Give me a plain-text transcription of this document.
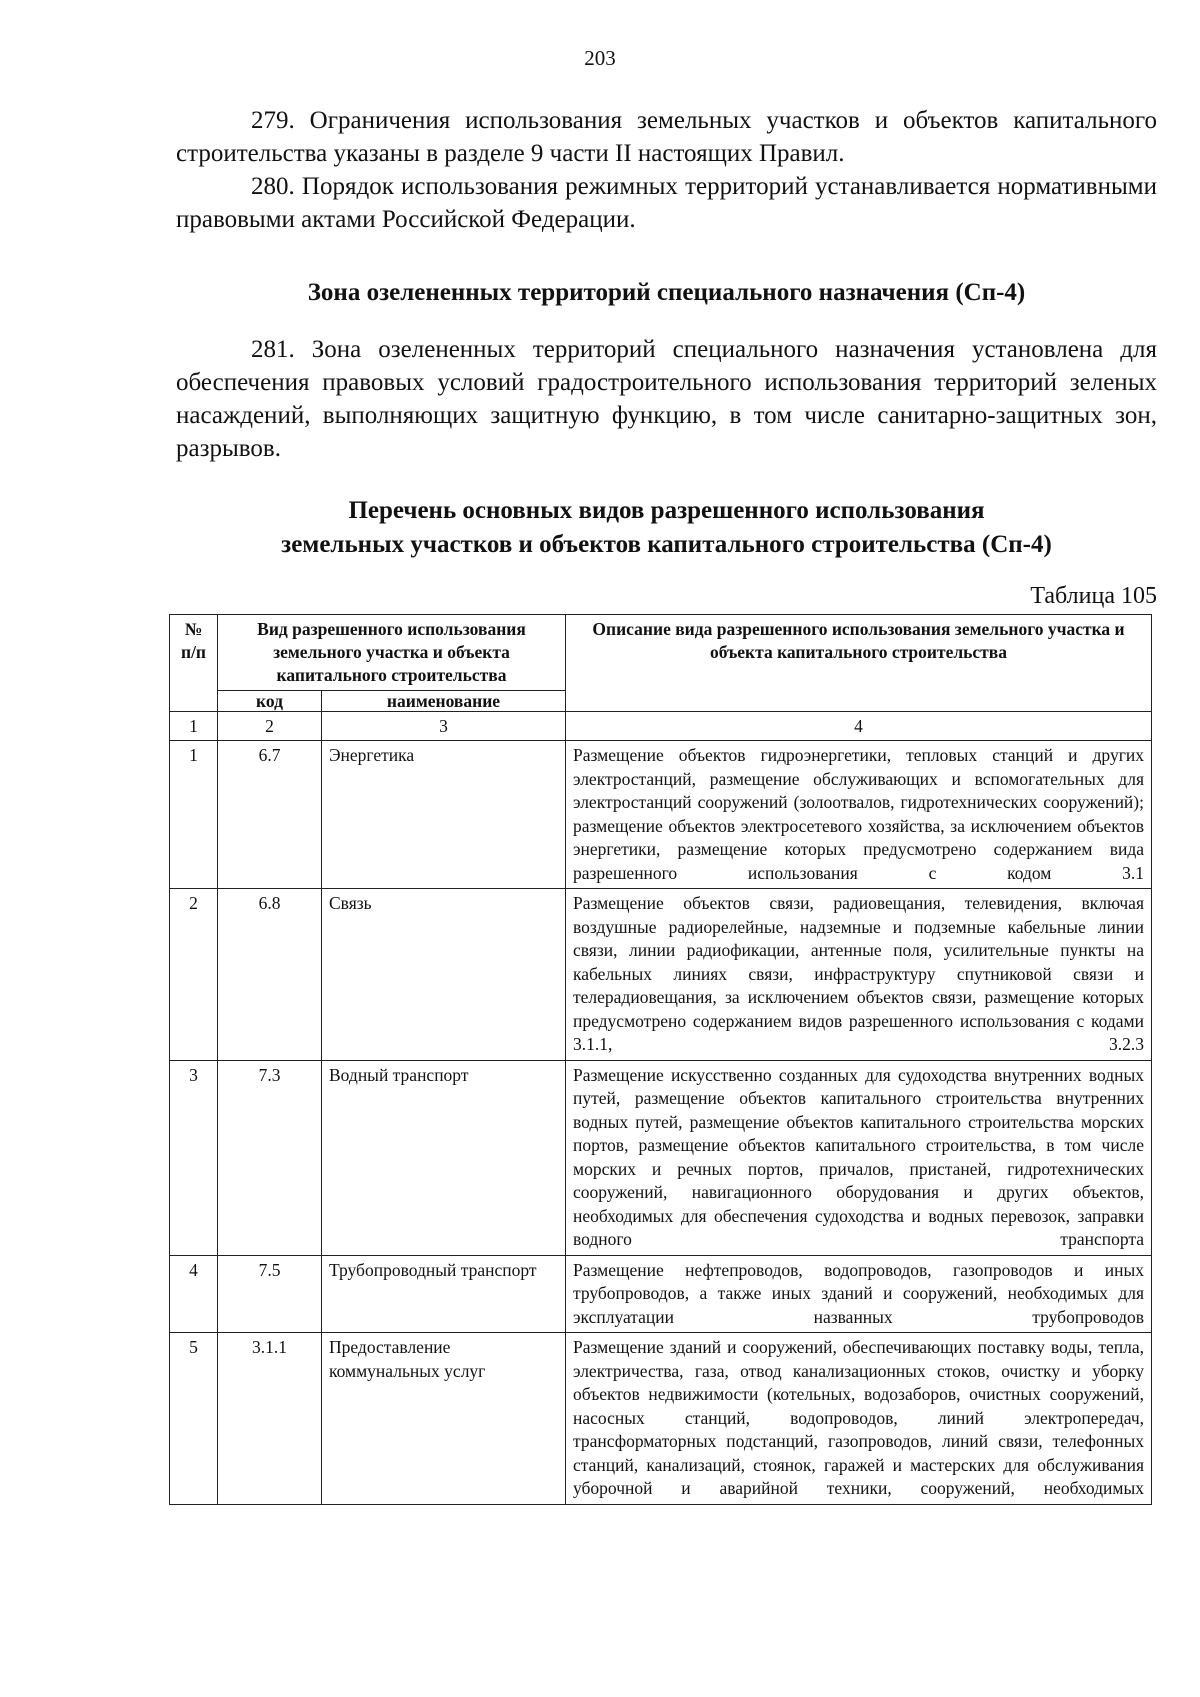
203

279. Ограничения использования земельных участков и объектов капитального строительства указаны в разделе 9 части II настоящих Правил.

280. Порядок использования режимных территорий устанавливается нормативными правовыми актами Российской Федерации.

Зона озелененных территорий специального назначения (Сп-4)

281. Зона озелененных территорий специального назначения установлена для обеспечения правовых условий градостроительного использования территорий зеленых насаждений, выполняющих защитную функцию, в том числе санитарно-защитных зон, разрывов.

Перечень основных видов разрешенного использования
земельных участков и объектов капитального строительства (Сп-4)
Таблица 105
№ п/п	Вид разрешенного использования земельного участка и объекта капитального строительства		Описание вида разрешенного использования земельного участка и объекта капитального строительства
	код	наименование	
1	2	3	4
1	6.7	Энергетика	Размещение объектов гидроэнергетики, тепловых станций и других электростанций, размещение обслуживающих и вспомогательных для электростанций сооружений (золоотвалов, гидротехнических сооружений); размещение объектов электросетевого хозяйства, за исключением объектов энергетики, размещение которых предусмотрено содержанием вида разрешенного использования с кодом 3.1
2	6.8	Связь	Размещение объектов связи, радиовещания, телевидения, включая воздушные радиорелейные, надземные и подземные кабельные линии связи, линии радиофикации, антенные поля, усилительные пункты на кабельных линиях связи, инфраструктуру спутниковой связи и телерадиовещания, за исключением объектов связи, размещение которых предусмотрено содержанием видов разрешенного использования с кодами 3.1.1, 3.2.3
3	7.3	Водный транспорт	Размещение искусственно созданных для судоходства внутренних водных путей, размещение объектов капитального строительства внутренних водных путей, размещение объектов капитального строительства морских портов, размещение объектов капитального строительства, в том числе морских и речных портов, причалов, пристаней, гидротехнических сооружений, навигационного оборудования и других объектов, необходимых для обеспечения судоходства и водных перевозок, заправки водного транспорта
4	7.5	Трубопроводный транспорт	Размещение нефтепроводов, водопроводов, газопроводов и иных трубопроводов, а также иных зданий и сооружений, необходимых для эксплуатации названных трубопроводов
5	3.1.1	Предоставление коммунальных услуг	Размещение зданий и сооружений, обеспечивающих поставку воды, тепла, электричества, газа, отвод канализационных стоков, очистку и уборку объектов недвижимости (котельных, водозаборов, очистных сооружений, насосных станций, водопроводов, линий электропередач, трансформаторных подстанций, газопроводов, линий связи, телефонных станций, канализаций, стоянок, гаражей и мастерских для обслуживания уборочной и аварийной техники, сооружений, необходимых
